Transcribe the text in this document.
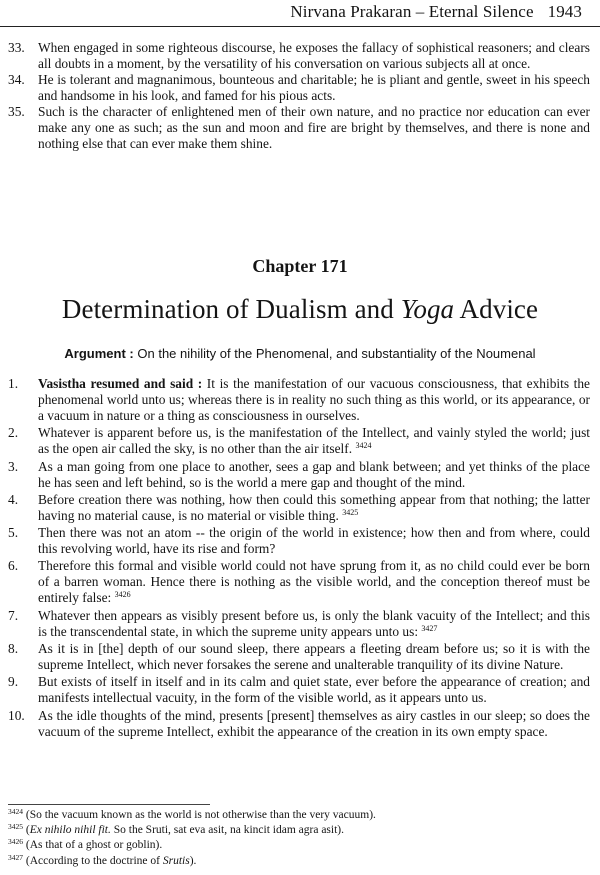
Nirvana Prakaran – Eternal Silence 1943
33. When engaged in some righteous discourse, he exposes the fallacy of sophistical reasoners; and clears all doubts in a moment, by the versatility of his conversation on various subjects all at once.
34. He is tolerant and magnanimous, bounteous and charitable; he is pliant and gentle, sweet in his speech and handsome in his look, and famed for his pious acts.
35. Such is the character of enlightened men of their own nature, and no practice nor education can ever make any one as such; as the sun and moon and fire are bright by themselves, and there is none and nothing else that can ever make them shine.
Chapter 171
Determination of Dualism and Yoga Advice
Argument : On the nihility of the Phenomenal, and substantiality of the Noumenal
1. Vasistha resumed and said : It is the manifestation of our vacuous consciousness, that exhibits the phenomenal world unto us; whereas there is in reality no such thing as this world, or its appearance, or a vacuum in nature or a thing as consciousness in ourselves.
2. Whatever is apparent before us, is the manifestation of the Intellect, and vainly styled the world; just as the open air called the sky, is no other than the air itself. $^{3424}$
3. As a man going from one place to another, sees a gap and blank between; and yet thinks of the place he has seen and left behind, so is the world a mere gap and thought of the mind.
4. Before creation there was nothing, how then could this something appear from that nothing; the latter having no material cause, is no material or visible thing. $^{3425}$
5. Then there was not an atom -- the origin of the world in existence; how then and from where, could this revolving world, have its rise and form?
6. Therefore this formal and visible world could not have sprung from it, as no child could ever be born of a barren woman. Hence there is nothing as the visible world, and the conception thereof must be entirely false: $^{3426}$
7. Whatever then appears as visibly present before us, is only the blank vacuity of the Intellect; and this is the transcendental state, in which the supreme unity appears unto us: $^{3427}$
8. As it is in [the] depth of our sound sleep, there appears a fleeting dream before us; so it is with the supreme Intellect, which never forsakes the serene and unalterable tranquility of its divine Nature.
9. But exists of itself in itself and in its calm and quiet state, ever before the appearance of creation; and manifests intellectual vacuity, in the form of the visible world, as it appears unto us.
10. As the idle thoughts of the mind, presents [present] themselves as airy castles in our sleep; so does the vacuum of the supreme Intellect, exhibit the appearance of the creation in its own empty space.
$^{3424}$ (So the vacuum known as the world is not otherwise than the very vacuum).
$^{3425}$ (Ex nihilo nihil fit. So the Sruti, sat eva asit, na kincit idam agra asit).
$^{3426}$ (As that of a ghost or goblin).
$^{3427}$ (According to the doctrine of Srutis).
